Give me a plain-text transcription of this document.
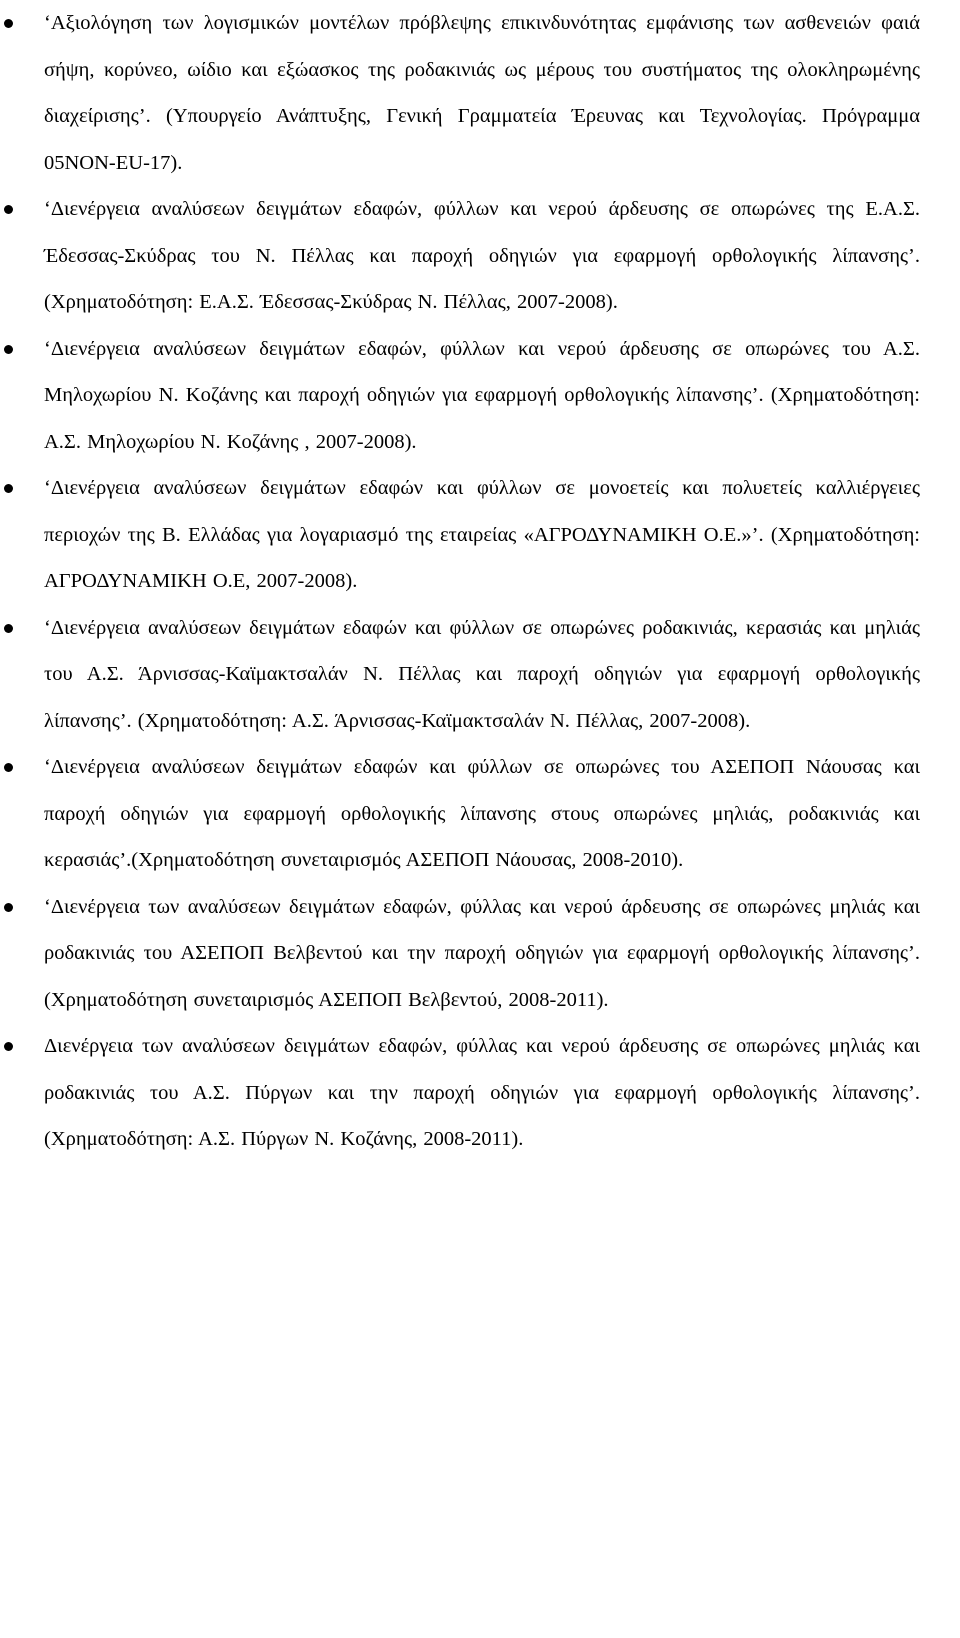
‘Αξιολόγηση των λογισμικών μοντέλων πρόβλεψης επικινδυνότητας εμφάνισης των ασθενειών φαιά σήψη, κορύνεο, ωίδιο και εξώασκος της ροδακινιάς ως μέρους του συστήματος της ολοκληρωμένης διαχείρισης’. (Υπουργείο Ανάπτυξης, Γενική Γραμματεία Έρευνας και Τεχνολογίας. Πρόγραμμα 05ΝΟΝ-EU-17).
‘Διενέργεια αναλύσεων δειγμάτων εδαφών, φύλλων και νερού άρδευσης σε οπωρώνες της Ε.Α.Σ. Έδεσσας-Σκύδρας του Ν. Πέλλας και παροχή οδηγιών για εφαρμογή ορθολογικής λίπανσης’. (Χρηματοδότηση: Ε.Α.Σ. Έδεσσας-Σκύδρας Ν. Πέλλας, 2007-2008).
‘Διενέργεια αναλύσεων δειγμάτων εδαφών, φύλλων και νερού άρδευσης σε οπωρώνες του Α.Σ. Μηλοχωρίου Ν. Κοζάνης και παροχή οδηγιών για εφαρμογή ορθολογικής λίπανσης’. (Χρηματοδότηση: Α.Σ. Μηλοχωρίου Ν. Κοζάνης , 2007-2008).
‘Διενέργεια αναλύσεων δειγμάτων εδαφών και φύλλων σε μονοετείς και πολυετείς καλλιέργειες περιοχών της Β. Ελλάδας για λογαριασμό της εταιρείας «ΑΓΡΟΔΥΝΑΜΙΚΗ Ο.Ε.»’. (Χρηματοδότηση: ΑΓΡΟΔΥΝΑΜΙΚΗ Ο.Ε, 2007-2008).
‘Διενέργεια αναλύσεων δειγμάτων εδαφών και φύλλων σε οπωρώνες ροδακινιάς, κερασιάς και μηλιάς του Α.Σ. Άρνισσας-Καϊμακτσαλάν Ν. Πέλλας και παροχή οδηγιών για εφαρμογή ορθολογικής λίπανσης’. (Χρηματοδότηση: Α.Σ. Άρνισσας-Καϊμακτσαλάν Ν. Πέλλας, 2007-2008).
‘Διενέργεια αναλύσεων δειγμάτων εδαφών και φύλλων σε οπωρώνες του ΑΣΕΠΟΠ Νάουσας και παροχή οδηγιών για εφαρμογή ορθολογικής λίπανσης στους οπωρώνες μηλιάς, ροδακινιάς και κερασιάς’.(Χρηματοδότηση συνεταιρισμός ΑΣΕΠΟΠ Νάουσας, 2008-2010).
‘Διενέργεια των αναλύσεων δειγμάτων εδαφών, φύλλας και νερού άρδευσης σε οπωρώνες μηλιάς και ροδακινιάς του ΑΣΕΠΟΠ Βελβεντού και την παροχή οδηγιών για εφαρμογή ορθολογικής λίπανσης’. (Χρηματοδότηση συνεταιρισμός ΑΣΕΠΟΠ Βελβεντού, 2008-2011).
Διενέργεια των αναλύσεων δειγμάτων εδαφών, φύλλας και νερού άρδευσης σε οπωρώνες μηλιάς και ροδακινιάς του Α.Σ. Πύργων και την παροχή οδηγιών για εφαρμογή ορθολογικής λίπανσης’. (Χρηματοδότηση: Α.Σ. Πύργων Ν. Κοζάνης, 2008-2011).
